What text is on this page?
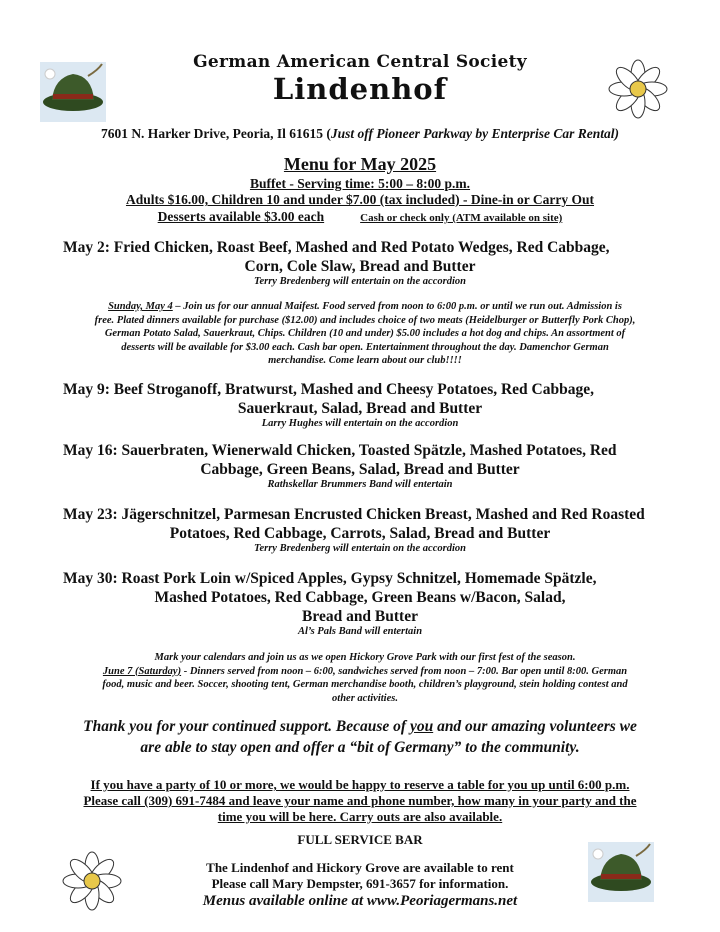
German American Central Society
Lindenhof
7601 N. Harker Drive, Peoria, Il 61615 (Just off Pioneer Parkway by Enterprise Car Rental)
Menu for May 2025
Buffet - Serving time: 5:00 – 8:00 p.m.
Adults $16.00, Children 10 and under $7.00 (tax included) - Dine-in or Carry Out
Desserts available $3.00 each	Cash or check only (ATM available on site)
May 2: Fried Chicken, Roast Beef, Mashed and Red Potato Wedges, Red Cabbage,
Corn, Cole Slaw, Bread and Butter
Terry Bredenberg will entertain on the accordion
Sunday, May 4 – Join us for our annual Maifest. Food served from noon to 6:00 p.m. or until we run out. Admission is
free. Plated dinners available for purchase ($12.00) and includes choice of two meats (Heidelburger or Butterfly Pork Chop),
German Potato Salad, Sauerkraut, Chips. Children (10 and under) $5.00 includes a hot dog and chips. An assortment of
desserts will be available for $3.00 each. Cash bar open. Entertainment throughout the day. Damenchor German
merchandise. Come learn about our club!!!!
May 9: Beef Stroganoff, Bratwurst, Mashed and Cheesy Potatoes, Red Cabbage,
Sauerkraut, Salad, Bread and Butter
Larry Hughes will entertain on the accordion
May 16: Sauerbraten, Wienerwald Chicken, Toasted Spätzle, Mashed Potatoes, Red
Cabbage, Green Beans, Salad, Bread and Butter
Rathskellar Brummers Band will entertain
May 23: Jägerschnitzel, Parmesan Encrusted Chicken Breast, Mashed and Red Roasted
Potatoes, Red Cabbage, Carrots, Salad, Bread and Butter
Terry Bredenberg will entertain on the accordion
May 30: Roast Pork Loin w/Spiced Apples, Gypsy Schnitzel, Homemade Spätzle,
Mashed Potatoes, Red Cabbage, Green Beans w/Bacon, Salad,
Bread and Butter
Al’s Pals Band will entertain
Mark your calendars and join us as we open Hickory Grove Park with our first fest of the season.
June 7 (Saturday) - Dinners served from noon – 6:00, sandwiches served from noon – 7:00. Bar open until 8:00. German
food, music and beer. Soccer, shooting tent, German merchandise booth, children’s playground, stein holding contest and
other activities.
Thank you for your continued support. Because of you and our amazing volunteers we
are able to stay open and offer a “bit of Germany” to the community.
If you have a party of 10 or more, we would be happy to reserve a table for you up until 6:00 p.m.
Please call (309) 691-7484 and leave your name and phone number, how many in your party and the
time you will be here. Carry outs are also available.
FULL SERVICE BAR
The Lindenhof and Hickory Grove are available to rent
Please call Mary Dempster, 691-3657 for information.
Menus available online at www.Peoriagermans.net
